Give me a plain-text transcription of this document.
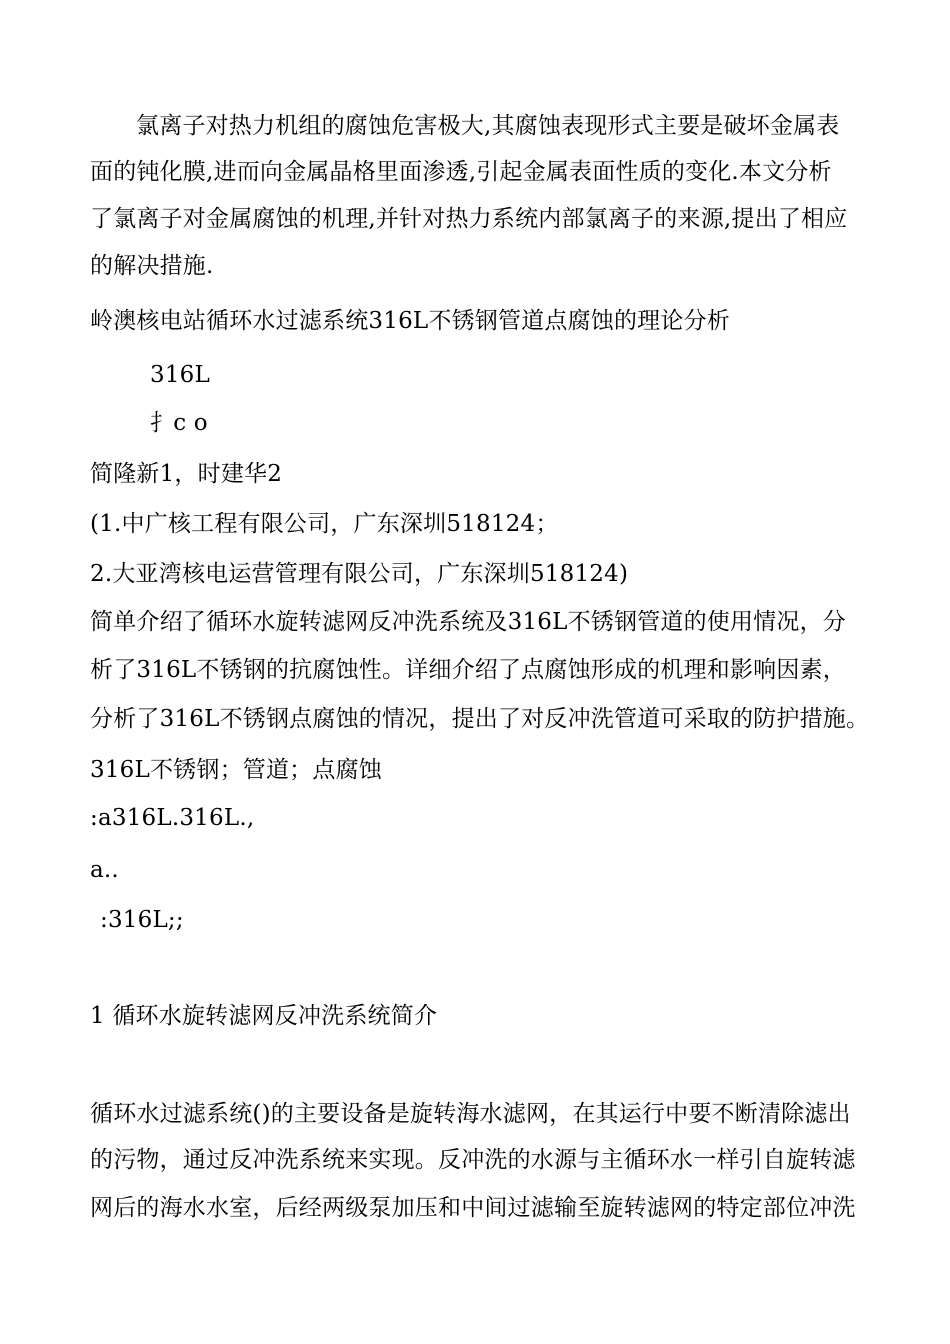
氯离子对热力机组的腐蚀危害极大,其腐蚀表现形式主要是破坏金属表
面的钝化膜,进而向金属晶格里面渗透,引起金属表面性质的变化.本文分析
了氯离子对金属腐蚀的机理,并针对热力系统内部氯离子的来源,提出了相应
的解决措施.
岭澳核电站循环水过滤系统316L不锈钢管道点腐蚀的理论分析
316L
扌c o
简隆新1，时建华2
(1.中广核工程有限公司，广东深圳518124；
2.大亚湾核电运营管理有限公司，广东深圳518124)
简单介绍了循环水旋转滤网反冲洗系统及316L不锈钢管道的使用情况，分
析了316L不锈钢的抗腐蚀性。详细介绍了点腐蚀形成的机理和影响因素，
分析了316L不锈钢点腐蚀的情况，提出了对反冲洗管道可采取的防护措施。
316L不锈钢；管道；点腐蚀
:a316L.316L.,
a..
:316L;;
1 循环水旋转滤网反冲洗系统简介
循环水过滤系统()的主要设备是旋转海水滤网，在其运行中要不断清除滤出
的污物，通过反冲洗系统来实现。反冲洗的水源与主循环水一样引自旋转滤
网后的海水水室，后经两级泵加压和中间过滤输至旋转滤网的特定部位冲洗
